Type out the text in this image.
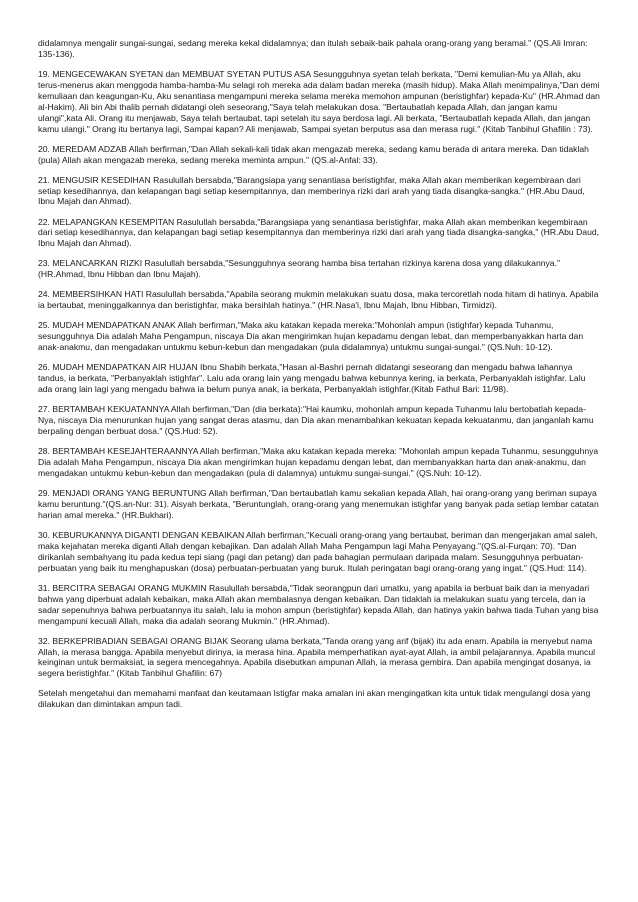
didalamnya mengalir sungai-sungai, sedang mereka kekal didalamnya; dan itulah sebaik-baik pahala orang-orang yang beramal." (QS.Ali Imran: 135-136).

19. MENGECEWAKAN SYETAN dan MEMBUAT SYETAN PUTUS ASA Sesungguhnya syetan telah berkata, "Demi kemulian-Mu ya Allah, aku terus-menerus akan menggoda hamba-hamba-Mu selagi roh mereka ada dalam badan mereka (masih hidup). Maka Allah menimpalinya,"Dan demi kemuliaan dan keagungan-Ku, Aku senantiasa mengampuni mereka selama mereka memohon ampunan (beristighfar) kepada-Ku" (HR.Ahmad dan al-Hakim). Ali bin Abi thalib pernah didatangi oleh seseorang,"Saya telah melakukan dosa. "Bertaubatlah kepada Allah, dan jangan kamu ulangi",kata Ali. Orang itu menjawab, Saya telah bertaubat, tapi setelah itu saya berdosa lagi. Ali berkata, "Bertaubatlah kepada Allah, dan jangan kamu ulangi." Orang itu bertanya lagi, Sampai kapan? Ali menjawab, Sampai syetan berputus asa dan merasa rugi." (Kitab Tanbihul Ghafilin : 73).

20. MEREDAM ADZAB Allah berfirman,"Dan Allah sekali-kali tidak akan mengazab mereka, sedang kamu berada di antara mereka. Dan tidaklah (pula) Allah akan mengazab mereka, sedang mereka meminta ampun." (QS.al-Anfal: 33).

21. MENGUSIR KESEDIHAN Rasulullah bersabda,"Barangsiapa yang senantiasa beristighfar, maka Allah akan memberikan kegembiraan dari setiap kesedihannya, dan kelapangan bagi setiap kesempitannya, dan memberinya rizki dari arah yang tiada disangka-sangka." (HR.Abu Daud, Ibnu Majah dan Ahmad).

22. MELAPANGKAN KESEMPITAN Rasulullah bersabda,"Barangsiapa yang senantiasa beristighfar, maka Allah akan memberikan kegembiraan dari setiap kesedihannya, dan kelapangan bagi setiap kesempitannya dan memberinya rizki dari arah yang tiada disangka-sangka," (HR.Abu Daud, Ibnu Majah dan Ahmad).

23. MELANCARKAN RIZKI Rasulullah bersabda,"Sesungguhnya seorang hamba bisa tertahan rizkinya karena dosa yang dilakukannya." (HR.Ahmad, Ibnu Hibban dan Ibnu Majah).

24. MEMBERSIHKAN HATI Rasulullah bersabda,"Apabila seorang mukmin melakukan suatu dosa, maka tercoretlah noda hitam di hatinya. Apabila ia bertaubat, meninggalkannya dan beristighfar, maka bersihlah hatinya." (HR.Nasa'i, Ibnu Majah, Ibnu Hibban, Tirmidzi).

25. MUDAH MENDAPATKAN ANAK Allah berfirman,"Maka aku katakan kepada mereka:"Mohonlah ampun (istighfar) kepada Tuhanmu, sesungguhnya Dia adalah Maha Pengampun, niscaya Dia akan mengirimkan hujan kepadamu dengan lebat, dan memperbanyakkan harta dan anak-anakmu, dan mengadakan untukmu kebun-kebun dan mengadakan (pula didalamnya) untukmu sungai-sungai." (QS.Nuh: 10-12).

26. MUDAH MENDAPATKAN AIR HUJAN Ibnu Shabih berkata,"Hasan al-Bashri pernah didatangi seseorang dan mengadu bahwa lahannya tandus, ia berkata, "Perbanyaklah istighfar". Lalu ada orang lain yang mengadu bahwa kebunnya kering, ia berkata, Perbanyaklah istighfar. Lalu ada orang lain lagi yang mengadu bahwa ia belum punya anak, ia berkata, Perbanyaklah istighfar.(Kitab Fathul Bari: 11/98).

27. BERTAMBAH KEKUATANNYA Allah berfirman,"Dan (dia berkata):"Hai kaumku, mohonlah ampun kepada Tuhanmu lalu bertobatlah kepada-Nya, niscaya Dia menurunkan hujan yang sangat deras atasmu, dan Dia akan menambahkan kekuatan kepada kekuatanmu, dan janganlah kamu berpaling dengan berbuat dosa." (QS.Hud: 52).

28. BERTAMBAH KESEJAHTERAANNYA Allah berfirman,"Maka aku katakan kepada mereka: "Mohonlah ampun kepada Tuhanmu, sesungguhnya Dia adalah Maha Pengampun, niscaya Dia akan mengirimkan hujan kepadamu dengan lebat, dan membanyakkan harta dan anak-anakmu, dan mengadakan untukmu kebun-kebun dan mengadakan (pula di dalamnya) untukmu sungai-sungai." (QS.Nuh: 10-12).

29. MENJADI ORANG YANG BERUNTUNG Allah berfirman,"Dan bertaubatlah kamu sekalian kepada Allah, hai orang-orang yang beriman supaya kamu beruntung."(QS.an-Nur: 31). Aisyah berkata, "Beruntunglah, orang-orang yang menemukan istighfar yang banyak pada setiap lembar catatan harian amal mereka." (HR.Bukhari).

30. KEBURUKANNYA DIGANTI DENGAN KEBAIKAN Allah berfirman,"Kecuali orang-orang yang bertaubat, beriman dan mengerjakan amal saleh, maka kejahatan mereka diganti Allah dengan kebajikan. Dan adalah Allah Maha Pengampun lagi Maha Penyayang."(QS.al-Furqan: 70). "Dan dirikanlah sembahyang itu pada kedua tepi siang (pagi dan petang) dan pada bahagian permulaan daripada malam. Sesungguhnya perbuatan-perbuatan yang baik itu menghapuskan (dosa) perbuatan-perbuatan yang buruk. Itulah peringatan bagi orang-orang yang ingat." (QS.Hud: 114).

31. BERCITRA SEBAGAI ORANG MUKMIN Rasulullah bersabda,"Tidak seorangpun dari umatku, yang apabila ia berbuat baik dan ia menyadari bahwa yang diperbuat adalah kebaikan, maka Allah akan membalasnya dengan kebaikan. Dan tidaklah ia melakukan suatu yang tercela, dan ia sadar sepenuhnya bahwa perbuatannya itu salah, lalu ia mohon ampun (beristighfar) kepada Allah, dan hatinya yakin bahwa tiada Tuhan yang bisa mengampuni kecuali Allah, maka dia adalah seorang Mukmin." (HR.Ahmad).

32. BERKEPRIBADIAN SEBAGAI ORANG BIJAK Seorang ulama berkata,"Tanda orang yang arif (bijak) itu ada enam. Apabila ia menyebut nama Allah, ia merasa bangga. Apabila menyebut dirinya, ia merasa hina. Apabila memperhatikan ayat-ayat Allah, ia ambil pelajarannya. Apabila muncul keinginan untuk bermaksiat, ia segera mencegahnya. Apabila disebutkan ampunan Allah, ia merasa gembira. Dan apabila mengingat dosanya, ia segera beristighfar." (Kitab Tanbihul Ghafilin: 67)

Setelah mengetahui dan memahami manfaat dan keutamaan Istigfar maka amalan ini akan mengingatkan kita untuk tidak mengulangi dosa yang dilakukan dan dimintakan ampun tadi.
